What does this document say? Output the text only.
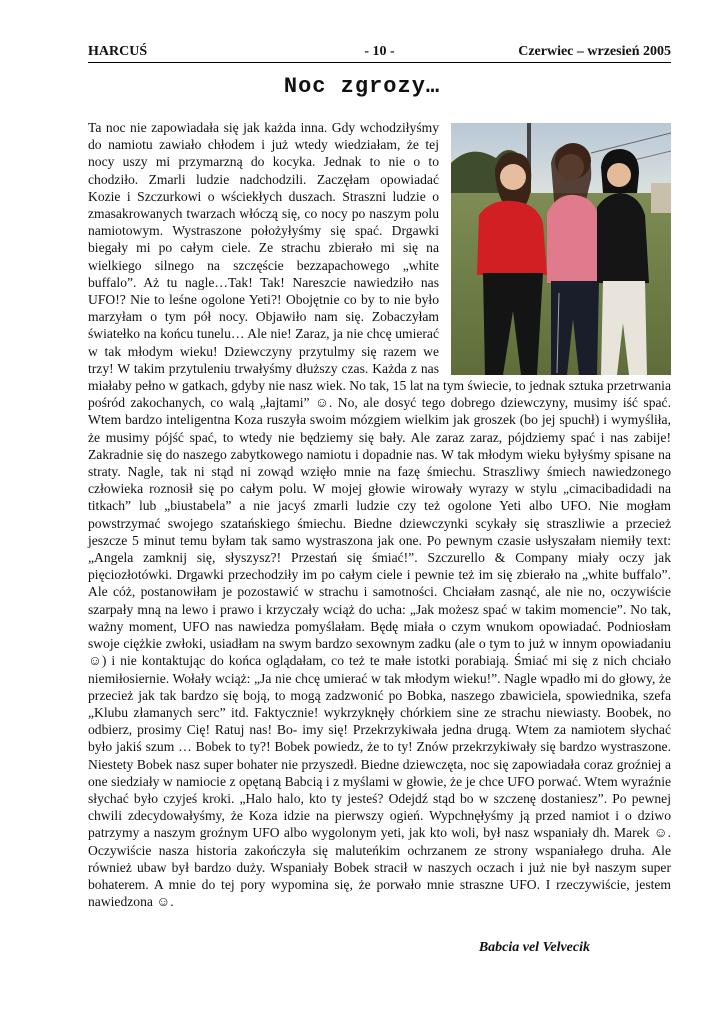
HARCUŚ	- 10 -	Czerwiec – wrzesień 2005
Noc zgrozy…

Ta noc nie zapowiadała się jak każda inna. Gdy wchodziłyśmy do namiotu zawiało chłodem i już wtedy wiedziałam, że tej nocy uszy mi przymarzną do kocyka. Jednak to nie o to chodziło. Zmarli ludzie nadchodzili. Zaczęłam opowiadać Kozie i Szczurkowi o wściekłych duszach. Straszni ludzie o zmasakrowanych twarzach włóczą się, co nocy po naszym polu namiotowym. Wystraszone położyłyśmy się spać. Drgawki biegały mi po całym ciele. Ze strachu zbierało mi się na wielkiego silnego na szczęście bezzapachowego „white buffalo”. Aż tu nagle…Tak! Tak! Nareszcie nawiedziło nas UFO!? Nie to leśne ogolone Yeti?! Obojętnie co by to nie było marzyłam o tym pół nocy. Objawiło nam się. Zobaczyłam światełko na końcu tunelu… Ale nie! Zaraz, ja nie chcę umierać w tak młodym wieku! Dziewczyny przytulmy się razem we trzy! W takim przytuleniu trwałyśmy dłuższy czas. Każda z nas miałaby pełno w gatkach, gdyby nie nasz wiek. No tak, 15 lat na tym świecie, to jednak sztuka przetrwania pośród zakochanych, co walą „łajtami” ☺. No, ale dosyć tego dobrego dziewczyny, musimy iść spać. Wtem bardzo inteligentna Koza ruszyła swoim mózgiem wielkim jak groszek (bo jej spuchł) i wymyśliła, że musimy pójść spać, to wtedy nie będziemy się bały. Ale zaraz zaraz, pójdziemy spać i nas zabije! Zakradnie się do naszego zabytkowego namiotu i dopadnie nas. W tak młodym wieku byłyśmy spisane na straty. Nagle, tak ni stąd ni zowąd wzięło mnie na fazę śmiechu. Straszliwy śmiech nawiedzonego człowieka roznosił się po całym polu. W mojej głowie wirowały wyrazy w stylu „cimacibadidadi na titkach” lub „biustabela” a nie jacyś zmarli ludzie czy też ogolone Yeti albo UFO. Nie mogłam powstrzymać swojego szatańskiego śmiechu. Biedne dziewczynki scykały się straszliwie a przecież jeszcze 5 minut temu byłam tak samo wystraszona jak one. Po pewnym czasie usłyszałam niemiły text: „Angela zamknij się, słyszysz?! Przestań się śmiać!”. Szczurello & Company miały oczy jak pięciozłotówki. Drgawki przechodziły im po całym ciele i pewnie też im się zbierało na „white buffalo”. Ale cóż, postanowiłam je pozostawić w strachu i samotności. Chciałam zasnąć, ale nie no, oczywiście szarpały mną na lewo i prawo i krzyczały wciąż do ucha: „Jak możesz spać w takim momencie”. No tak, ważny moment, UFO nas nawiedza pomyślałam. Będę miała o czym wnukom opowiadać. Podniosłam swoje ciężkie zwłoki, usiadłam na swym bardzo sexownym zadku (ale o tym to już w innym opowiadaniu ☺) i nie kontaktując do końca oglądałam, co też te małe istotki porabiają. Śmiać mi się z nich chciało niemiłosiernie. Wołały wciąż: „Ja nie chcę umierać w tak młodym wieku!”. Nagle wpadło mi do głowy, że przecież jak tak bardzo się boją, to mogą zadzwonić po Bobka, naszego zbawiciela, spowiednika, szefa „Klubu złamanych serc” itd. Faktycznie! wykrzyknęły chórkiem sine ze strachu niewiasty. Boobek, no odbierz, prosimy Cię! Ratuj nas! Bo- imy się! Przekrzykiwała jedna drugą. Wtem za namiotem słychać było jakiś szum … Bobek to ty?! Bobek powiedz, że to ty! Znów przekrzykiwały się bardzo wystraszone. Niestety Bobek nasz super bohater nie przyszedł. Biedne dziewczęta, noc się zapowiadała coraz groźniej a one siedziały w namiocie z opętaną Babcią i z myślami w głowie, że je chce UFO porwać. Wtem wyraźnie słychać było czyjeś kroki. „Halo halo, kto ty jesteś? Odejdź stąd bo w szczenę dostaniesz”. Po pewnej chwili zdecydowałyśmy, że Koza idzie na pierwszy ogień. Wypchnęłyśmy ją przed namiot i o dziwo patrzymy a naszym groźnym UFO albo wygolonym yeti, jak kto woli, był nasz wspaniały dh. Marek ☺. Oczywiście nasza historia zakończyła się maluteńkim ochrzanem ze strony wspaniałego druha. Ale również ubaw był bardzo duży. Wspaniały Bobek stracił w naszych oczach i już nie był naszym super bohaterem. A mnie do tej pory wypomina się, że porwało mnie straszne UFO. I rzeczywiście, jestem nawiedzona ☺.

Babcia vel Velvecik
